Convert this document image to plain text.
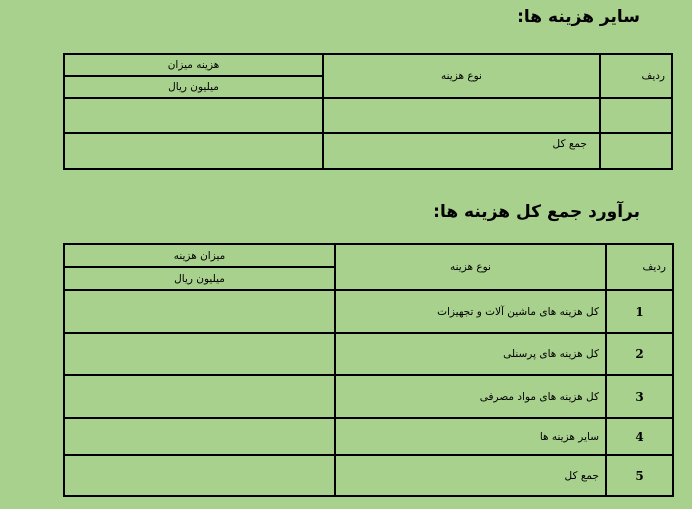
سایر هزینه ها:
ردیف	نوع هزینه	هزینه میزان
		میلیون ریال

	جمع کل	
برآورد جمع کل هزینه ها:
ردیف	نوع هزینه	میزان هزینه
		میلیون ریال
1	کل هزینه های ماشین آلات و تجهیزات	
2	کل هزینه های پرسنلی	
3	کل هزینه های مواد مصرفی	
4	سایر هزینه ها	
5	جمع کل	
